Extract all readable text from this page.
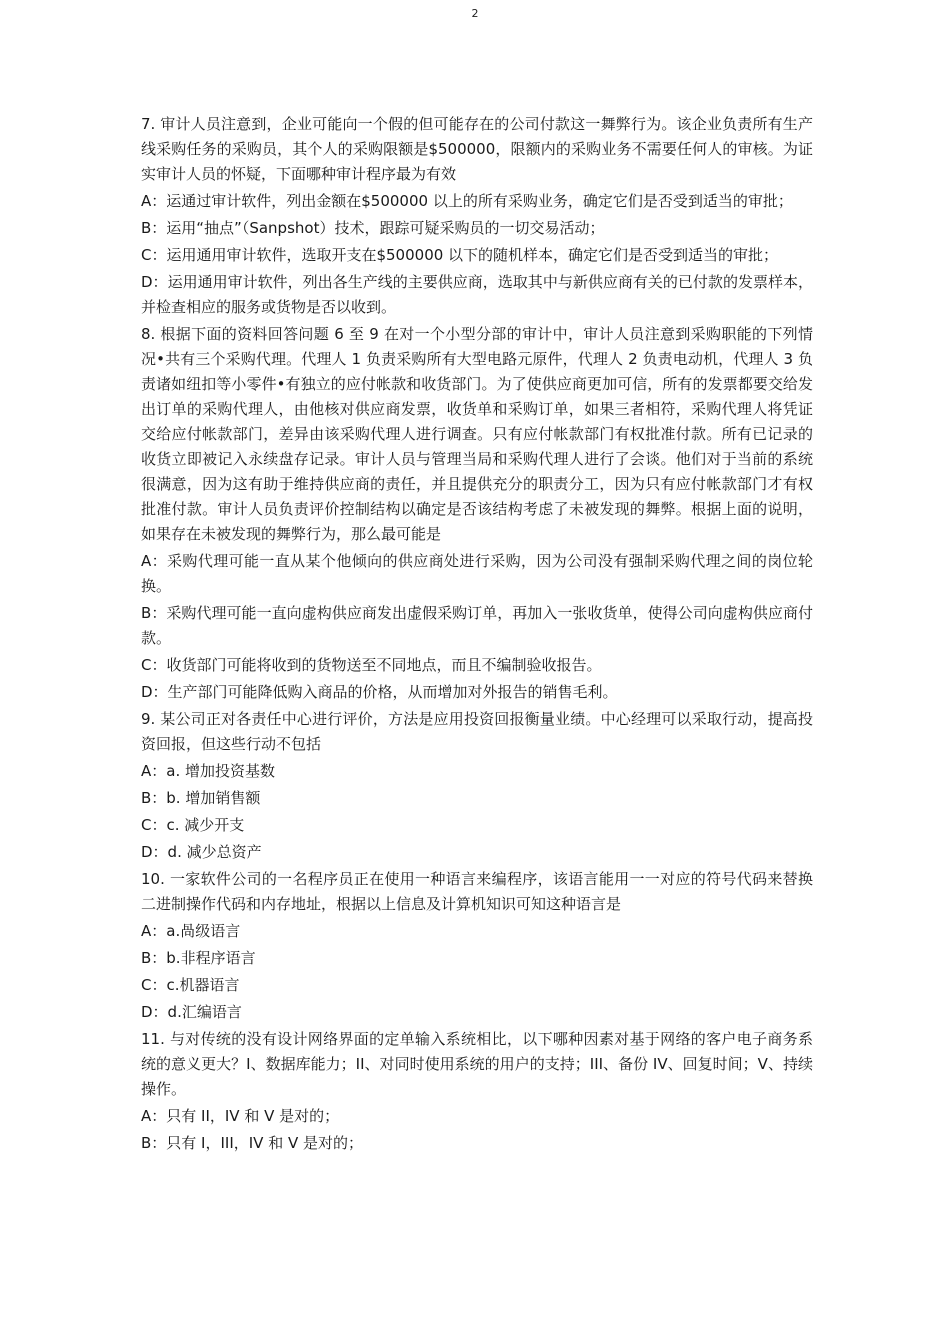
2

7. 审计人员注意到，企业可能向一个假的但可能存在的公司付款这一舞弊行为。该企业负责所有生产线采购任务的采购员，其个人的采购限额是$500000，限额内的采购业务不需要任何人的审核。为证实审计人员的怀疑，下面哪种审计程序最为有效

A：运通过审计软件，列出金额在$500000 以上的所有采购业务，确定它们是否受到适当的审批；

B：运用“抽点”（Sanpshot）技术，跟踪可疑采购员的一切交易活动；

C：运用通用审计软件，选取开支在$500000 以下的随机样本，确定它们是否受到适当的审批；

D：运用通用审计软件，列出各生产线的主要供应商，选取其中与新供应商有关的已付款的发票样本，并检查相应的服务或货物是否以收到。

8. 根据下面的资料回答问题 6 至 9 在对一个小型分部的审计中，审计人员注意到采购职能的下列情况•共有三个采购代理。代理人 1 负责采购所有大型电路元原件，代理人 2 负责电动机，代理人 3 负责诸如纽扣等小零件•有独立的应付帐款和收货部门。为了使供应商更加可信，所有的发票都要交给发出订单的采购代理人，由他核对供应商发票，收货单和采购订单，如果三者相符，采购代理人将凭证交给应付帐款部门，差异由该采购代理人进行调查。只有应付帐款部门有权批准付款。所有已记录的收货立即被记入永续盘存记录。审计人员与管理当局和采购代理人进行了会谈。他们对于当前的系统很满意，因为这有助于维持供应商的责任，并且提供充分的职责分工，因为只有应付帐款部门才有权批准付款。审计人员负责评价控制结构以确定是否该结构考虑了未被发现的舞弊。根据上面的说明，如果存在未被发现的舞弊行为，那么最可能是

A：采购代理可能一直从某个他倾向的供应商处进行采购，因为公司没有强制采购代理之间的岗位轮换。

B：采购代理可能一直向虚构供应商发出虚假采购订单，再加入一张收货单，使得公司向虚构供应商付款。

C：收货部门可能将收到的货物送至不同地点，而且不编制验收报告。

D：生产部门可能降低购入商品的价格，从而增加对外报告的销售毛利。

9. 某公司正对各责任中心进行评价，方法是应用投资回报衡量业绩。中心经理可以采取行动，提高投资回报，但这些行动不包括

A：a. 增加投资基数

B：b. 增加销售额

C：c. 减少开支

D：d. 减少总资产

10. 一家软件公司的一名程序员正在使用一种语言来编程序，该语言能用一一对应的符号代码来替换二进制操作代码和内存地址，根据以上信息及计算机知识可知这种语言是

A：a.咼级语言

B：b.非程序语言

C：c.机器语言

D：d.汇编语言

11. 与对传统的没有设计网络界面的定单输入系统相比，以下哪种因素对基于网络的客户电子商务系统的意义更大？I、数据库能力；II、对同时使用系统的用户的支持；III、备份 IV、回复时间；V、持续操作。

A：只有 II，IV 和 V 是对的；

B：只有 I，III，IV 和 V 是对的；
